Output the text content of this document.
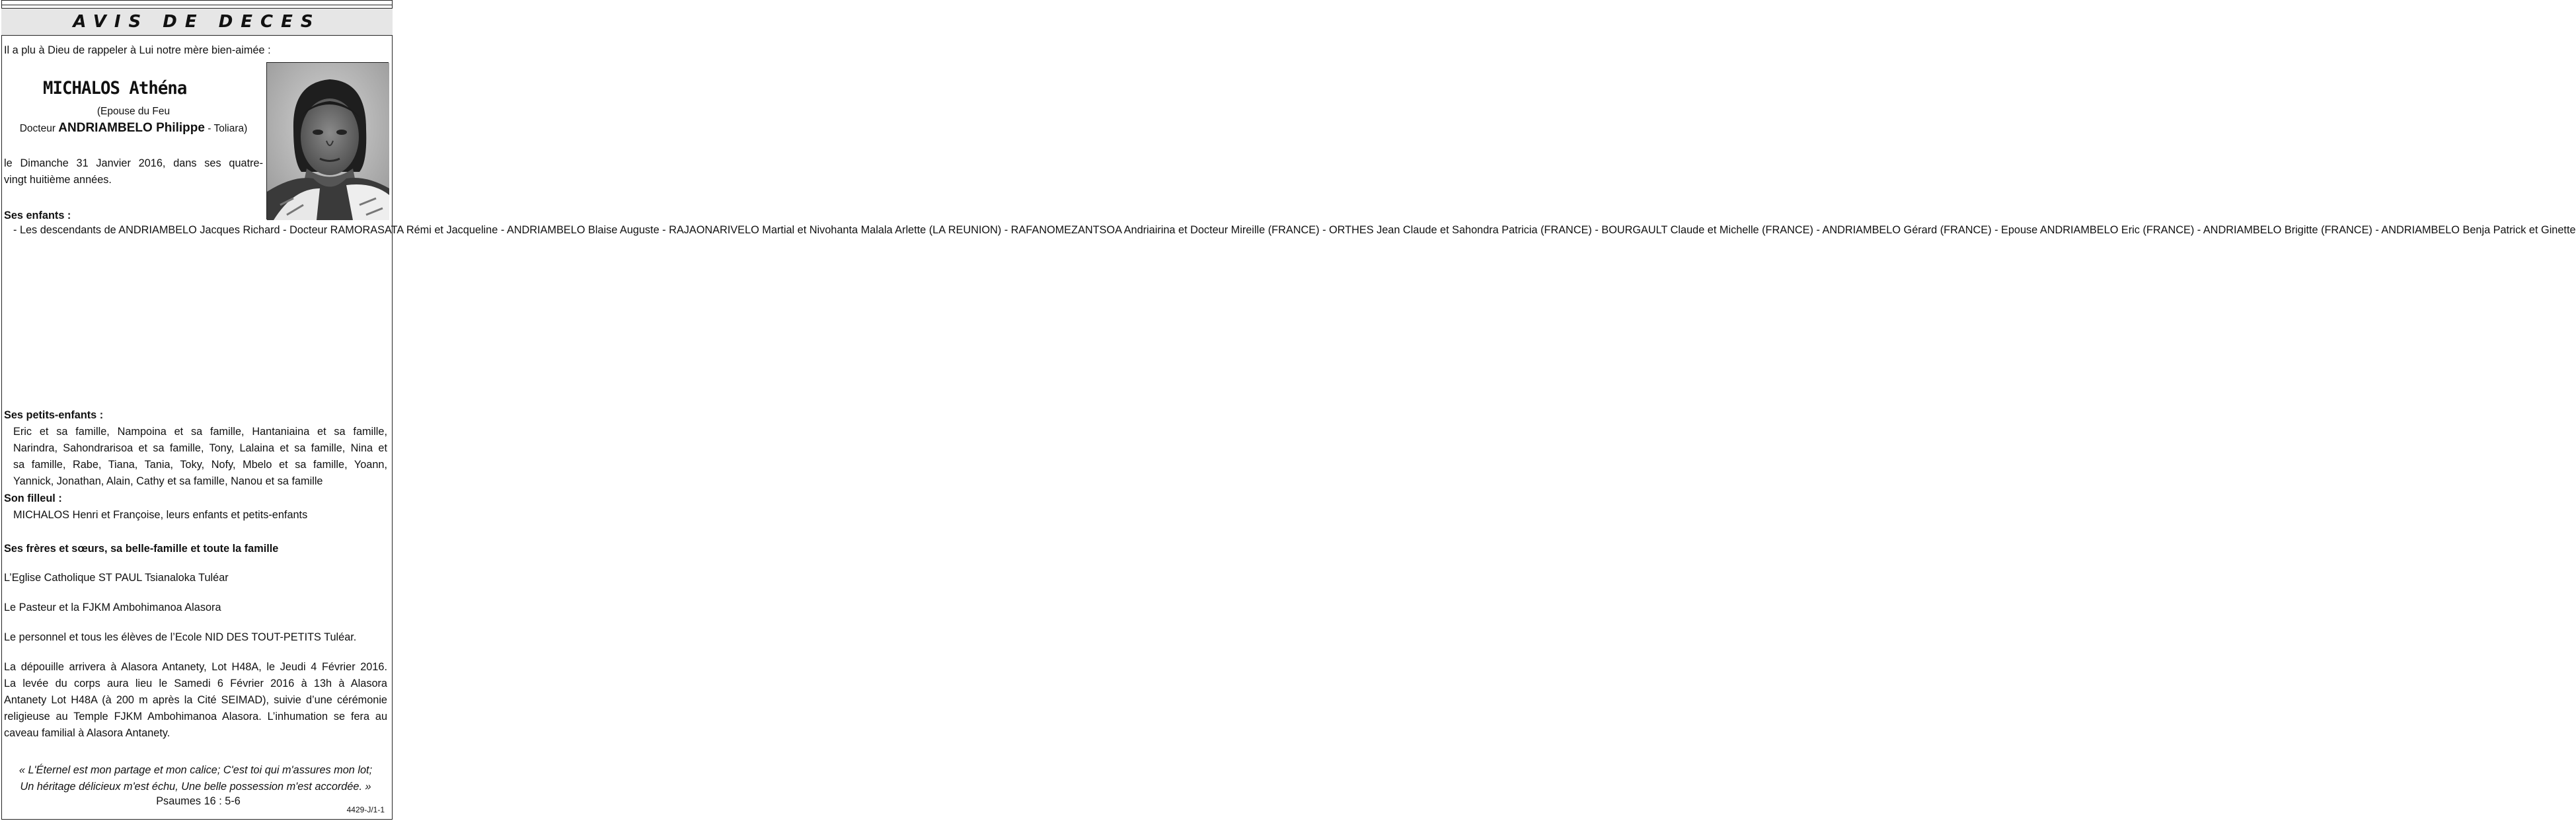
AVIS DE DECES
Il a plu à Dieu de rappeler à Lui notre mère bien-aimée :
MICHALOS Athéna
(Epouse du Feu
Docteur ANDRIAMBELO Philippe - Toliara)
le Dimanche 31 Janvier 2016, dans ses quatre-
vingt huitième années.
Ses enfants :
- Les descendants de ANDRIAMBELO Jacques Richard - Docteur RAMORASATA Rémi et Jacqueline - ANDRIAMBELO Blaise Auguste - RAJAONARIVELO Martial et Nivohanta Malala Arlette (LA REUNION) - RAFANOMEZANTSOA Andriairina et Docteur Mireille (FRANCE) - ORTHES Jean Claude et Sahondra Patricia (FRANCE) - BOURGAULT Claude et Michelle (FRANCE) - ANDRIAMBELO Gérard (FRANCE) - Epouse ANDRIAMBELO Eric (FRANCE) - ANDRIAMBELO Brigitte (FRANCE) - ANDRIAMBELO Benja Patrick et Ginette
Ses petits-enfants :
Eric et sa famille, Nampoina et sa famille, Hantaniaina et sa famille,
Narindra, Sahondrarisoa et sa famille, Tony, Lalaina et sa famille, Nina et
sa famille, Rabe, Tiana, Tania, Toky, Nofy, Mbelo et sa famille, Yoann,
Yannick, Jonathan, Alain, Cathy et sa famille, Nanou et sa famille
Son filleul :
MICHALOS Henri et Françoise, leurs enfants et petits-enfants
Ses frères et sœurs, sa belle-famille et toute la famille
L’Eglise Catholique ST PAUL Tsianaloka Tuléar
Le Pasteur et la FJKM Ambohimanoa Alasora
Le personnel et tous les élèves de l’Ecole NID DES TOUT-PETITS Tuléar.
La dépouille arrivera à Alasora Antanety, Lot H48A, le Jeudi 4 Février 2016.
La levée du corps aura lieu le Samedi 6 Février 2016 à 13h à Alasora
Antanety Lot H48A (à 200 m après la Cité SEIMAD), suivie d’une cérémonie
religieuse au Temple FJKM Ambohimanoa Alasora. L’inhumation se fera au
caveau familial à Alasora Antanety.
« L'Éternel est mon partage et mon calice; C'est toi qui m'assures mon lot;
Un héritage délicieux m'est échu, Une belle possession m'est accordée. »
Psaumes 16 : 5-6
4429-J/1-1
